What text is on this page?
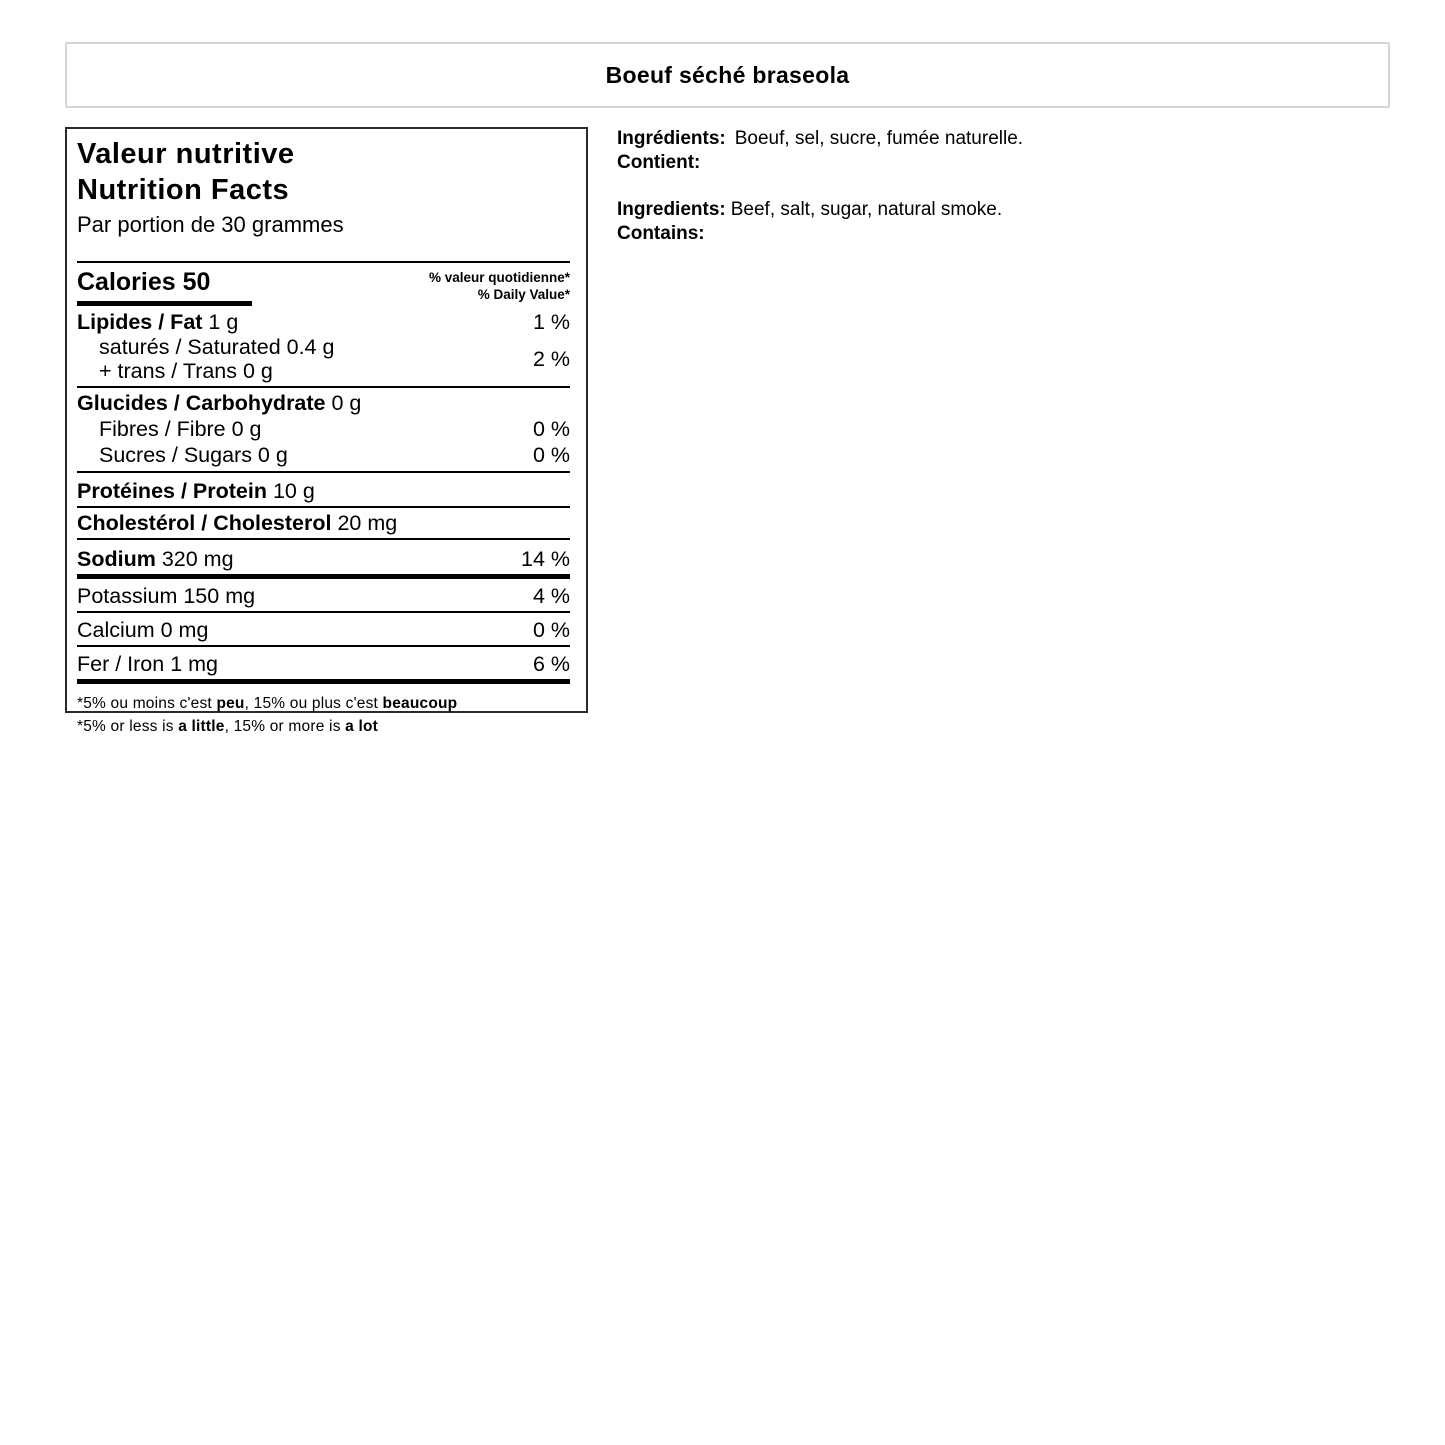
Boeuf séché braseola
Valeur nutritive
Nutrition Facts
Par portion de 30 grammes
Calories 50	% valeur quotidienne*
% Daily Value*
Lipides / Fat 1 g	1 %
saturés / Saturated 0.4 g
+ trans / Trans 0 g	2 %
Glucides / Carbohydrate 0 g
Fibres / Fibre 0 g	0 %
Sucres / Sugars 0 g	0 %
Protéines / Protein 10 g
Cholestérol / Cholesterol 20 mg
Sodium 320 mg	14 %
Potassium 150 mg	4 %
Calcium 0 mg	0 %
Fer / Iron 1 mg	6 %
*5% ou moins c'est peu, 15% ou plus c'est beaucoup
*5% or less is a little, 15% or more is a lot
Ingrédients: Boeuf, sel, sucre, fumée naturelle.
Contient:
Ingredients: Beef, salt, sugar, natural smoke.
Contains:
